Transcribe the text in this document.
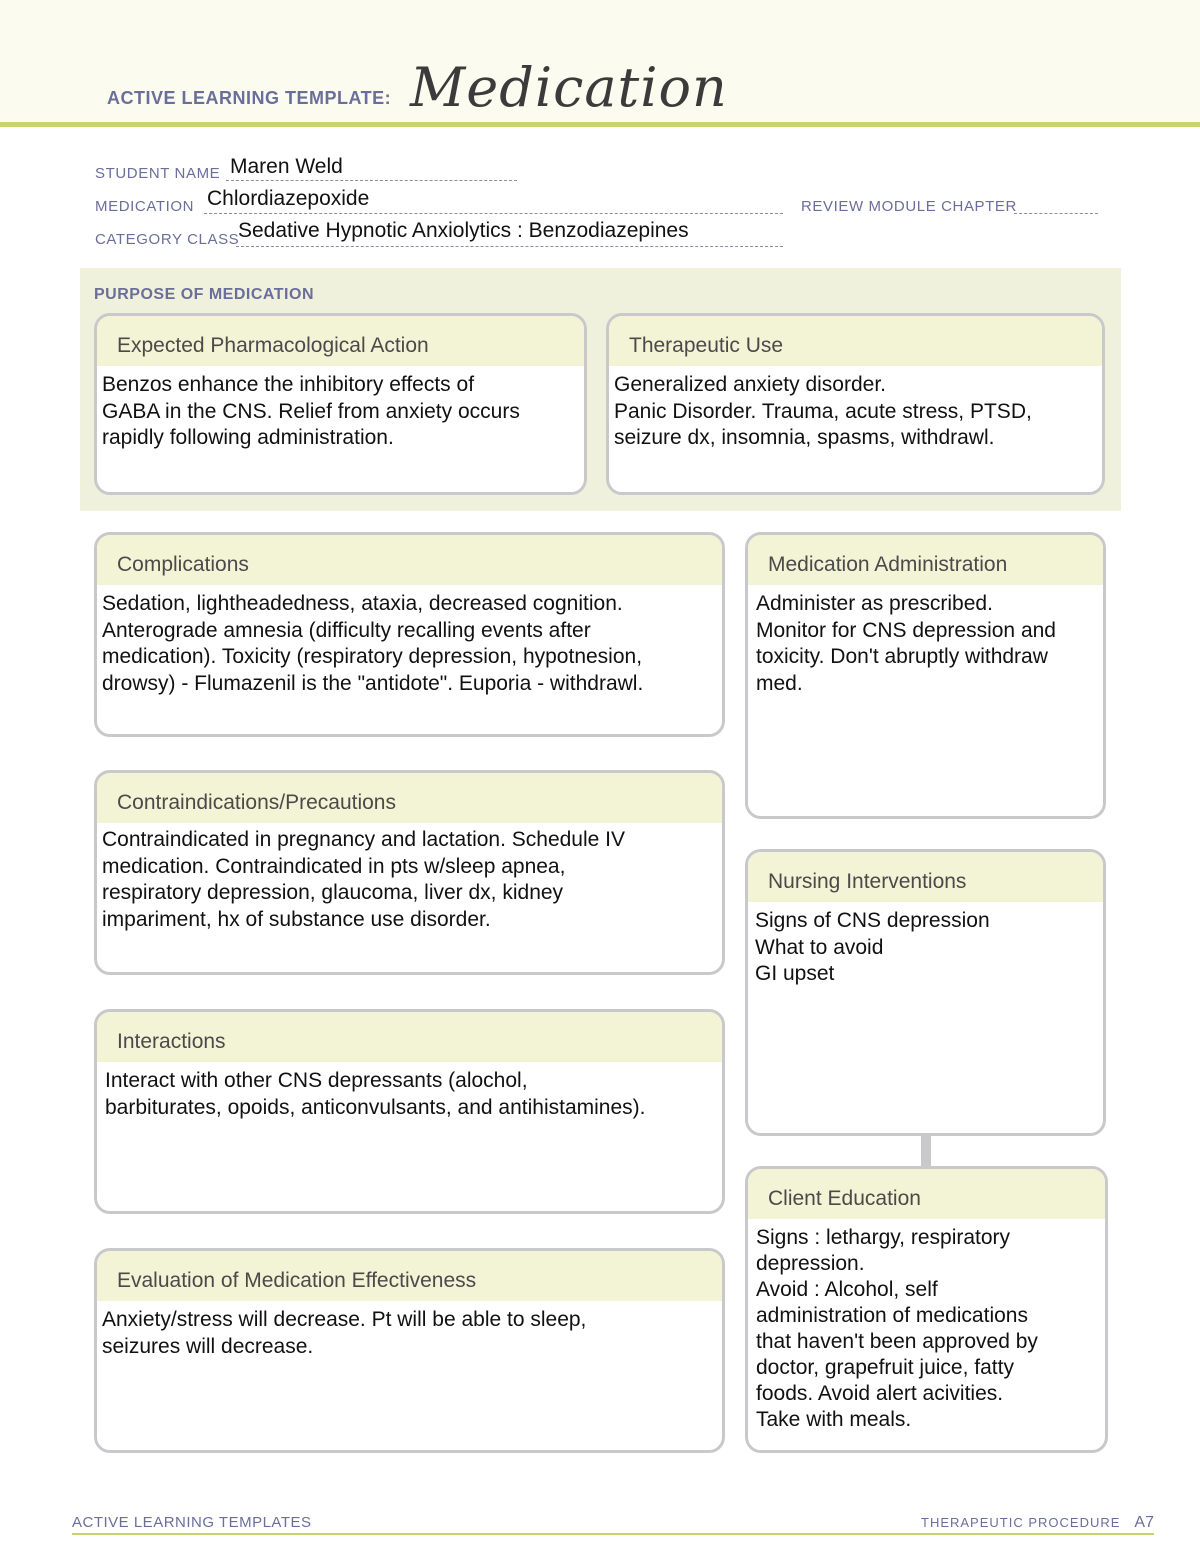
ACTIVE LEARNING TEMPLATE: Medication
STUDENT NAME Maren Weld
MEDICATION Chlordiazepoxide	REVIEW MODULE CHAPTER
CATEGORY CLASS
Sedative Hypnotic Anxiolytics : Benzodiazepines
PURPOSE OF MEDICATION
Expected Pharmacological Action
Benzos enhance the inhibitory effects of
GABA in the CNS. Relief from anxiety occurs
rapidly following administration.
Therapeutic Use
Generalized anxiety disorder.
Panic Disorder. Trauma, acute stress, PTSD,
seizure dx, insomnia, spasms, withdrawl.
Complications
Sedation, lightheadedness, ataxia, decreased cognition.
Anterograde amnesia (difficulty recalling events after
medication). Toxicity (respiratory depression, hypotnesion,
drowsy) - Flumazenil is the "antidote". Euporia - withdrawl.
Contraindications/Precautions
Contraindicated in pregnancy and lactation. Schedule IV
medication. Contraindicated in pts w/sleep apnea,
respiratory depression, glaucoma, liver dx, kidney
impariment, hx of substance use disorder.
Interactions
Interact with other CNS depressants (alochol,
barbiturates, opoids, anticonvulsants, and antihistamines).
Evaluation of Medication Effectiveness
Anxiety/stress will decrease. Pt will be able to sleep,
seizures will decrease.
Medication Administration
Administer as prescribed.
Monitor for CNS depression and
toxicity. Don't abruptly withdraw
med.
Nursing Interventions
Signs of CNS depression
What to avoid
GI upset
Client Education
Signs : lethargy, respiratory
depression.
Avoid : Alcohol, self
administration of medications
that haven't been approved by
doctor, grapefruit juice, fatty
foods. Avoid alert acivities.
Take with meals.
ACTIVE LEARNING TEMPLATES	THERAPEUTIC PROCEDURE A7
